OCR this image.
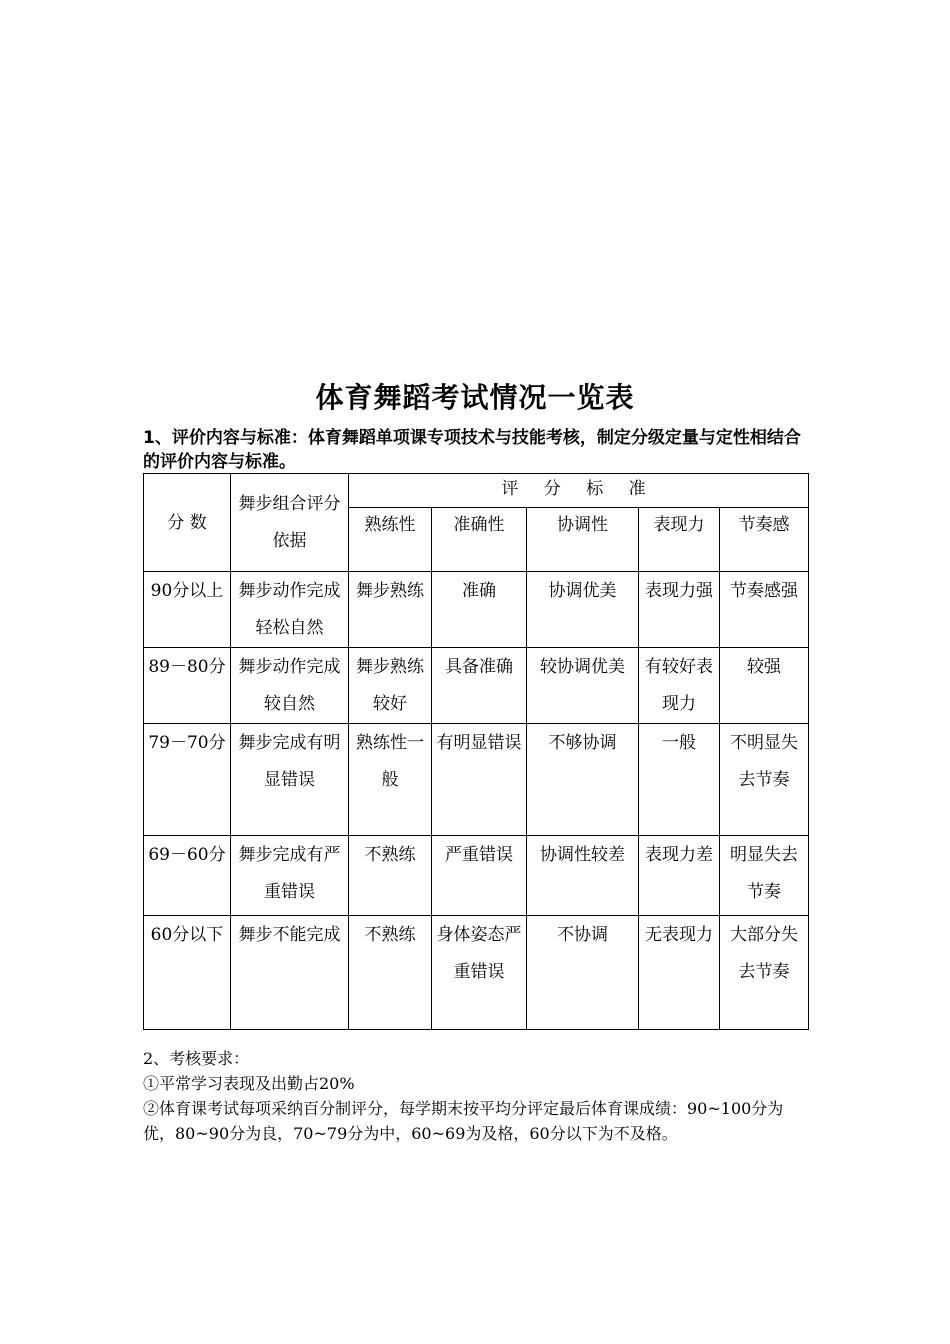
体育舞蹈考试情况一览表
1、评价内容与标准：体育舞蹈单项课专项技术与技能考核，制定分级定量与定性相结合的评价内容与标准。
分 数	舞步组合评分依据	评 分 标 准				
		熟练性	准确性	协调性	表现力	节奏感
90分以上	舞步动作完成轻松自然	舞步熟练	准确	协调优美	表现力强	节奏感强
89－80分	舞步动作完成较自然	舞步熟练较好	具备准确	较协调优美	有较好表现力	较强
79－70分	舞步完成有明显错误	熟练性一般	有明显错误	不够协调	一般	不明显失去节奏
69－60分	舞步完成有严重错误	不熟练	严重错误	协调性较差	表现力差	明显失去节奏
60分以下	舞步不能完成	不熟练	身体姿态严重错误	不协调	无表现力	大部分失去节奏
2、考核要求：
①平常学习表现及出勤占20%
②体育课考试每项采纳百分制评分，每学期末按平均分评定最后体育课成绩：90~100分为优，80~90分为良，70~79分为中，60~69为及格，60分以下为不及格。
